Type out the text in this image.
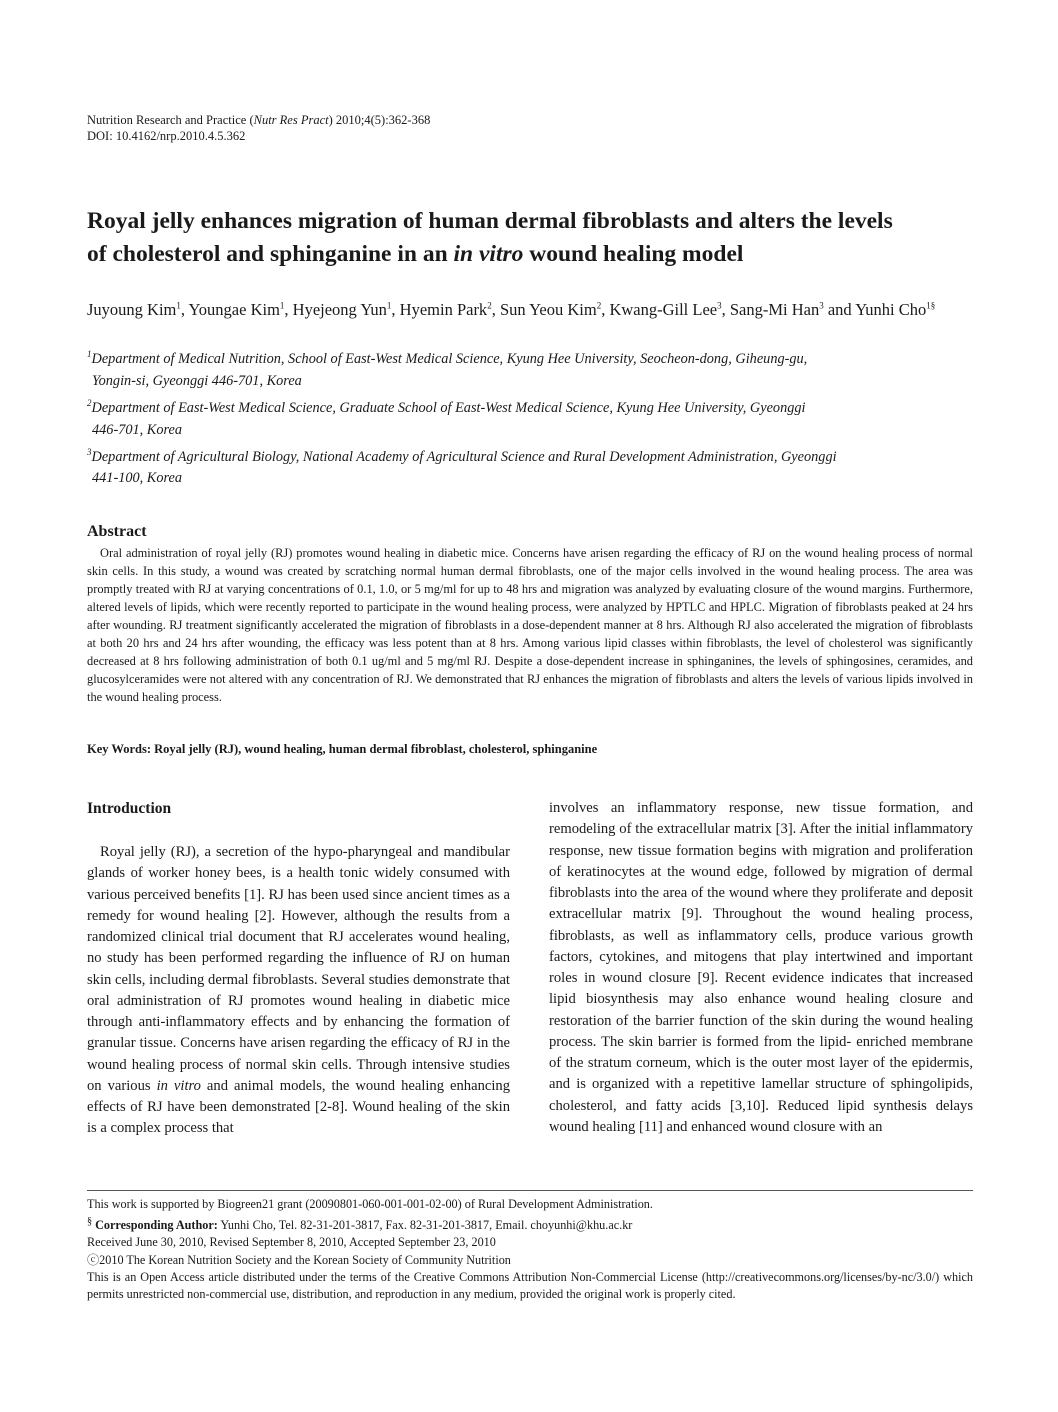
Nutrition Research and Practice (Nutr Res Pract) 2010;4(5):362-368
DOI: 10.4162/nrp.2010.4.5.362
Royal jelly enhances migration of human dermal fibroblasts and alters the levels
of cholesterol and sphinganine in an in vitro wound healing model
Juyoung Kim$^1$, Youngae Kim$^1$, Hyejeong Yun$^1$, Hyemin Park$^2$, Sun Yeou Kim$^2$, Kwang-Gill Lee$^3$, Sang-Mi Han$^3$ and Yunhi Cho$^{1\S}$
$^1$Department of Medical Nutrition, School of East-West Medical Science, Kyung Hee University, Seocheon-dong, Giheung-gu,
Yongin-si, Gyeonggi 446-701, Korea
$^2$Department of East-West Medical Science, Graduate School of East-West Medical Science, Kyung Hee University, Gyeonggi
446-701, Korea
$^3$Department of Agricultural Biology, National Academy of Agricultural Science and Rural Development Administration, Gyeonggi
441-100, Korea
Abstract
Oral administration of royal jelly (RJ) promotes wound healing in diabetic mice. Concerns have arisen regarding the efficacy of RJ on the wound healing process of normal skin cells. In this study, a wound was created by scratching normal human dermal fibroblasts, one of the major cells involved in the wound healing process. The area was promptly treated with RJ at varying concentrations of 0.1, 1.0, or 5 mg/ml for up to 48 hrs and migration was analyzed by evaluating closure of the wound margins. Furthermore, altered levels of lipids, which were recently reported to participate in the wound healing process, were analyzed by HPTLC and HPLC. Migration of fibroblasts peaked at 24 hrs after wounding. RJ treatment significantly accelerated the migration of fibroblasts in a dose-dependent manner at 8 hrs. Although RJ also accelerated the migration of fibroblasts at both 20 hrs and 24 hrs after wounding, the efficacy was less potent than at 8 hrs. Among various lipid classes within fibroblasts, the level of cholesterol was significantly decreased at 8 hrs following administration of both 0.1 ug/ml and 5 mg/ml RJ. Despite a dose-dependent increase in sphinganines, the levels of sphingosines, ceramides, and glucosylceramides were not altered with any concentration of RJ. We demonstrated that RJ enhances the migration of fibroblasts and alters the levels of various lipids involved in the wound healing process.
Key Words: Royal jelly (RJ), wound healing, human dermal fibroblast, cholesterol, sphinganine
Introduction
Royal jelly (RJ), a secretion of the hypo-pharyngeal and mandibular glands of worker honey bees, is a health tonic widely consumed with various perceived benefits [1]. RJ has been used since ancient times as a remedy for wound healing [2]. However, although the results from a randomized clinical trial document that RJ accelerates wound healing, no study has been performed regarding the influence of RJ on human skin cells, including dermal fibroblasts. Several studies demonstrate that oral administration of RJ promotes wound healing in diabetic mice through anti-inflammatory effects and by enhancing the formation of granular tissue. Concerns have arisen regarding the efficacy of RJ in the wound healing process of normal skin cells. Through intensive studies on various in vitro and animal models, the wound healing enhancing effects of RJ have been demonstrated [2-8]. Wound healing of the skin is a complex process that
involves an inflammatory response, new tissue formation, and remodeling of the extracellular matrix [3]. After the initial inflammatory response, new tissue formation begins with migration and proliferation of keratinocytes at the wound edge, followed by migration of dermal fibroblasts into the area of the wound where they proliferate and deposit extracellular matrix [9]. Throughout the wound healing process, fibroblasts, as well as inflammatory cells, produce various growth factors, cytokines, and mitogens that play intertwined and important roles in wound closure [9]. Recent evidence indicates that increased lipid biosynthesis may also enhance wound healing closure and restoration of the barrier function of the skin during the wound healing process. The skin barrier is formed from the lipid- enriched membrane of the stratum corneum, which is the outer most layer of the epidermis, and is organized with a repetitive lamellar structure of sphingolipids, cholesterol, and fatty acids [3,10]. Reduced lipid synthesis delays wound healing [11] and enhanced wound closure with an
This work is supported by Biogreen21 grant (20090801-060-001-001-02-00) of Rural Development Administration.
§ Corresponding Author: Yunhi Cho, Tel. 82-31-201-3817, Fax. 82-31-201-3817, Email. choyunhi@khu.ac.kr
Received June 30, 2010, Revised September 8, 2010, Accepted September 23, 2010
ⓒ2010 The Korean Nutrition Society and the Korean Society of Community Nutrition
This is an Open Access article distributed under the terms of the Creative Commons Attribution Non-Commercial License (http://creativecommons.org/licenses/by-nc/3.0/) which permits unrestricted non-commercial use, distribution, and reproduction in any medium, provided the original work is properly cited.
